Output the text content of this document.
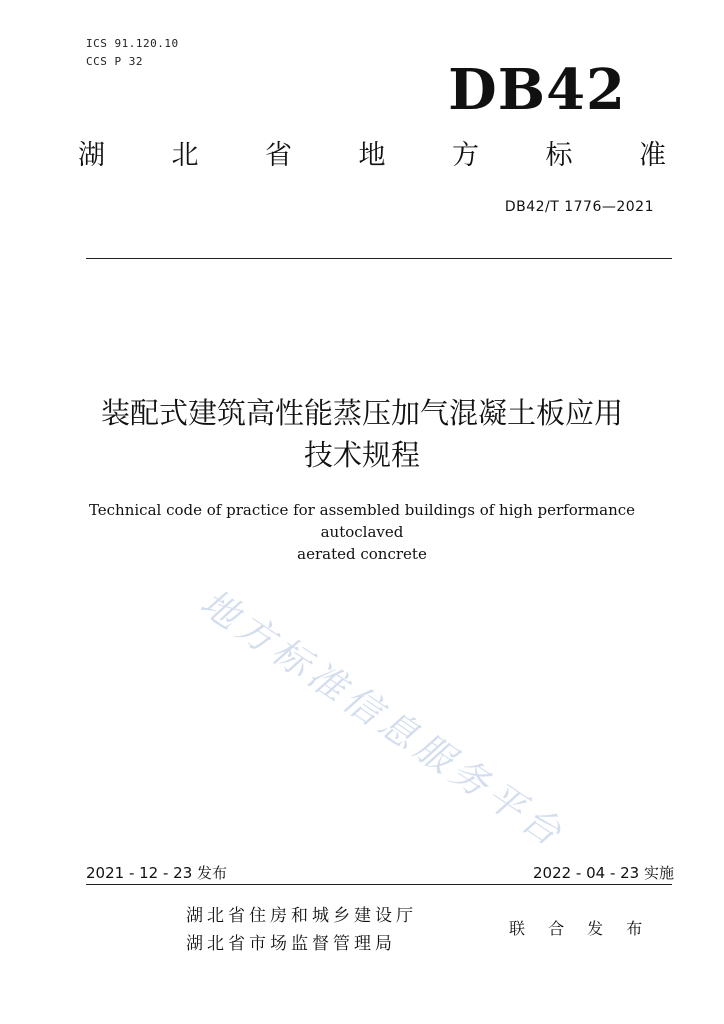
ICS 91.120.10
CCS P 32	DB42
湖 北 省 地 方 标 准
DB42/T 1776—2021
装配式建筑高性能蒸压加气混凝土板应用
技术规程
Technical code of practice for assembled buildings of high performance autoclaved
aerated concrete
地方标准信息服务平台
2021 - 12 - 23 发布	2022 - 04 - 23 实施
湖北省住房和城乡建设厅
湖北省市场监督管理局
联 合 发 布
